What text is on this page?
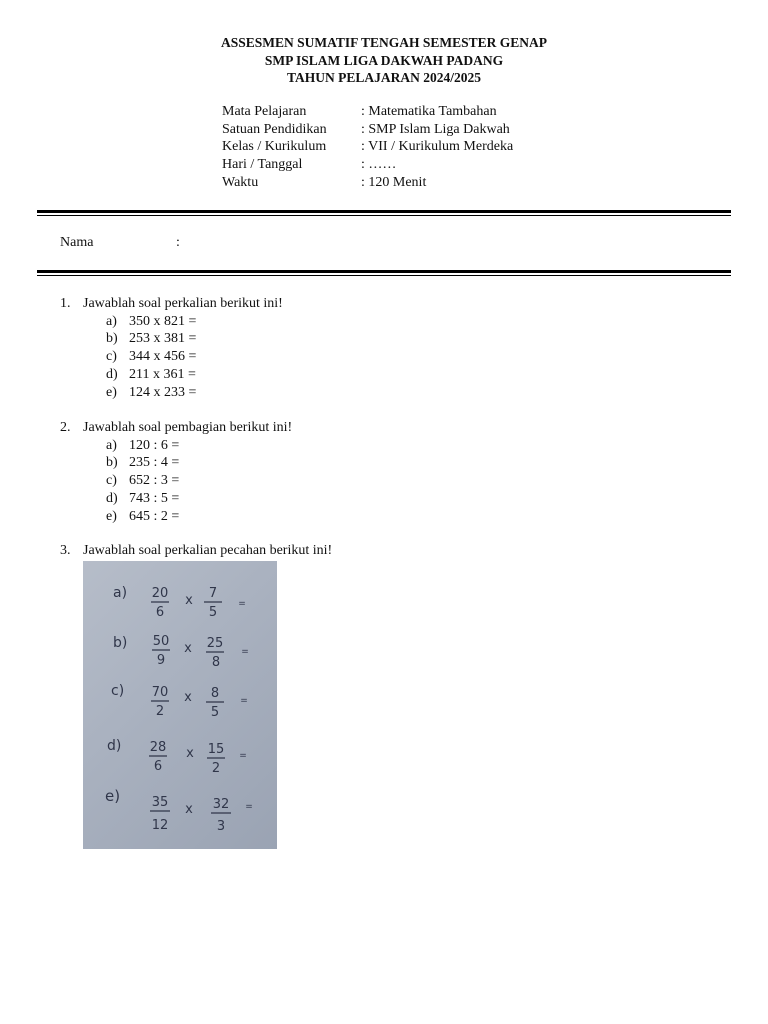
ASSESMEN SUMATIF TENGAH SEMESTER GENAP
SMP ISLAM LIGA DAKWAH PADANG
TAHUN PELAJARAN 2024/2025
Mata Pelajaran	: Matematika Tambahan
Satuan Pendidikan	: SMP Islam Liga Dakwah
Kelas / Kurikulum	: VII / Kurikulum Merdeka
Hari / Tanggal	: ……
Waktu	: 120 Menit
Nama	:
1. Jawablah soal perkalian berikut ini!
a) 350 x 821 =
b) 253 x 381 =
c) 344 x 456 =
d) 211 x 361 =
e) 124 x 233 =
2. Jawablah soal pembagian berikut ini!
a) 120 : 6 =
b) 235 : 4 =
c) 652 : 3 =
d) 743 : 5 =
e) 645 : 2 =
3. Jawablah soal perkalian pecahan berikut ini!
a) 20
6
x 7
5
=
b) 50
9
x 25
8
=
c) 70
2
x 8
5
=
d) 28
6
x 15
2
=
e) 35
12
x 32
3
=
